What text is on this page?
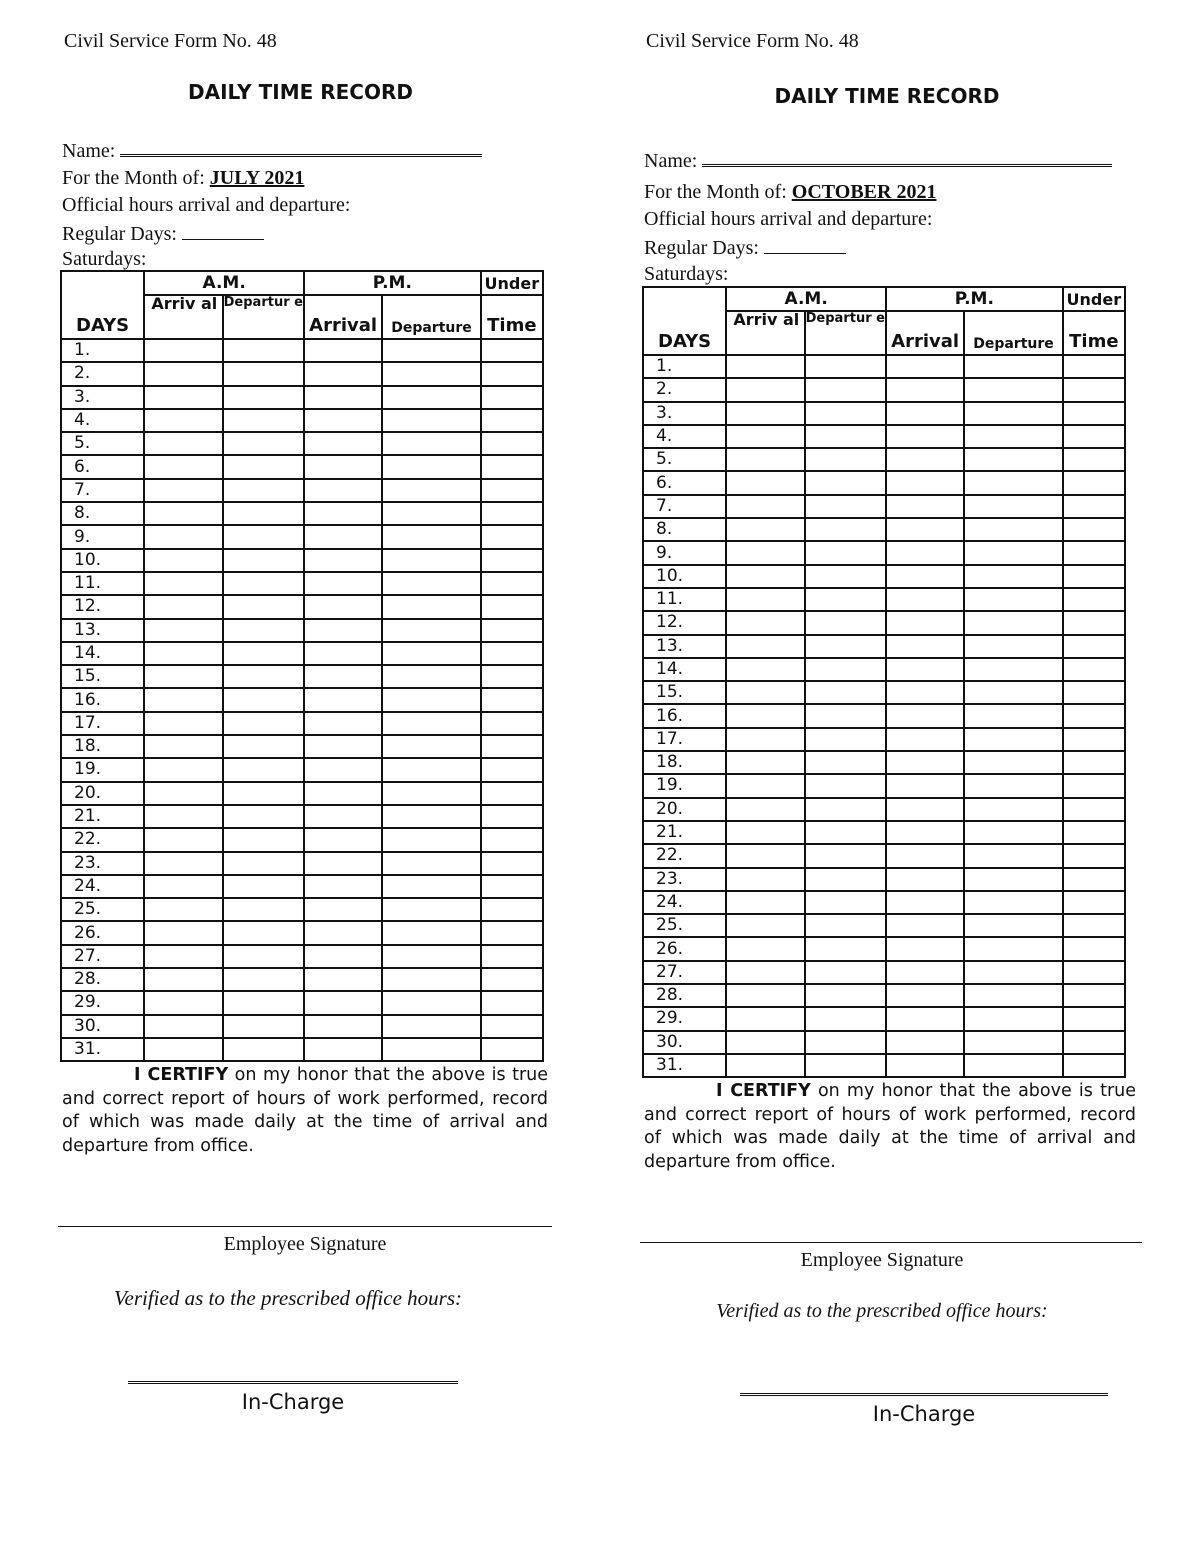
Civil Service Form No. 48
DAILY TIME RECORD
Name:
For the Month of: JULY 2021
Official hours arrival and departure:
Regular Days:
Saturdays:
DAYS	A.M.		P.M.		Under
	Arriv al	Departur e	Arrival	Departure	Time
1.					
2.					
3.					
4.					
5.					
6.					
7.					
8.					
9.					
10.					
11.					
12.					
13.					
14.					
15.					
16.					
17.					
18.					
19.					
20.					
21.					
22.					
23.					
24.					
25.					
26.					
27.					
28.					
29.					
30.					
31.					

I CERTIFY on my honor that the above is true and correct report of hours of work performed, record of which was made daily at the time of arrival and departure from office.

Employee Signature
Verified as to the prescribed office hours:
In-Charge
Civil Service Form No. 48
DAILY TIME RECORD
Name:
For the Month of: OCTOBER 2021
Official hours arrival and departure:
Regular Days:
Saturdays:
DAYS	A.M.		P.M.		Under
	Arriv al	Departur e	Arrival	Departure	Time
1.					
2.					
3.					
4.					
5.					
6.					
7.					
8.					
9.					
10.					
11.					
12.					
13.					
14.					
15.					
16.					
17.					
18.					
19.					
20.					
21.					
22.					
23.					
24.					
25.					
26.					
27.					
28.					
29.					
30.					
31.					

I CERTIFY on my honor that the above is true and correct report of hours of work performed, record of which was made daily at the time of arrival and departure from office.

Employee Signature
Verified as to the prescribed office hours:
In-Charge
